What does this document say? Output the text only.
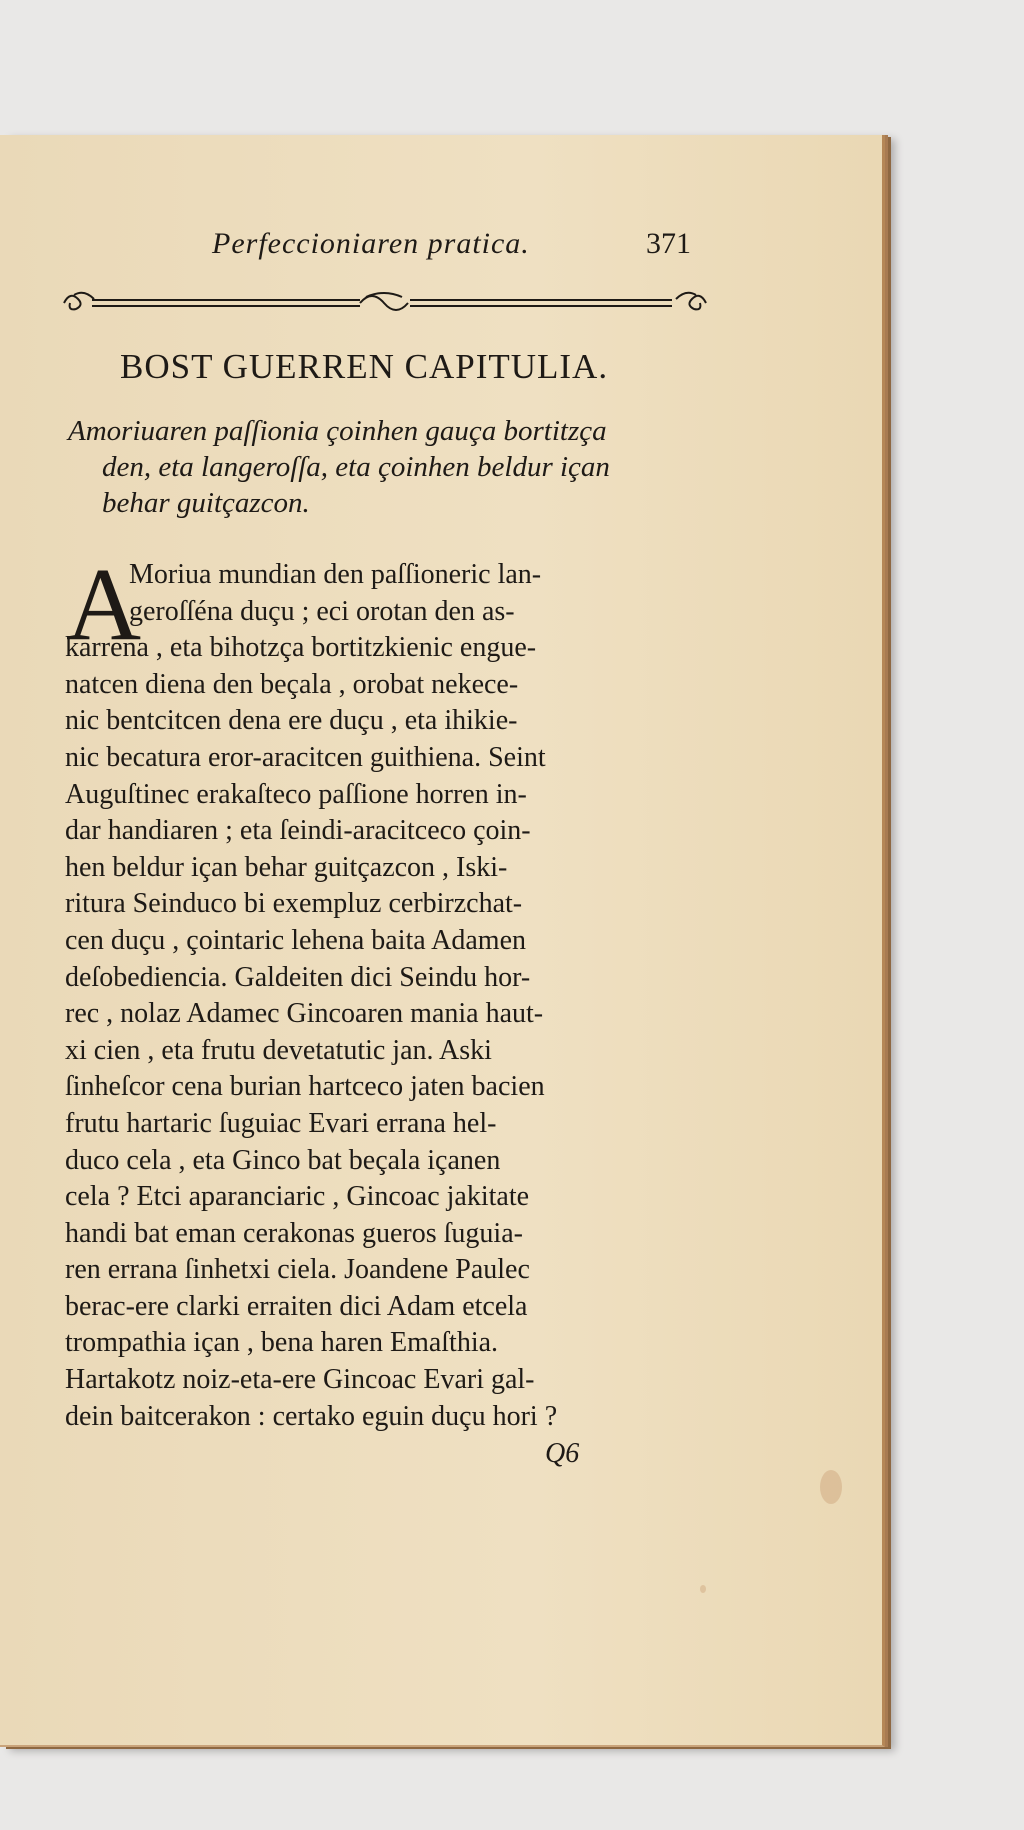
Perfeccioniaren pratica.	371
BOST GUERREN CAPITULIA.
Amoriuaren paſſionia çoinhen gauça bortitzça
den, eta langeroſſa, eta çoinhen beldur içan
behar guitçazcon.
A
Moriua mundian den paſſioneric lan-
geroſſéna duçu ; eci orotan den as-
karrena , eta bihotzça bortitzkienic engue-
natcen diena den beçala , orobat nekece-
nic bentcitcen dena ere duçu , eta ihikie-
nic becatura eror-aracitcen guithiena. Seint
Auguſtinec erakaſteco paſſione horren in-
dar handiaren ; eta ſeindi-aracitceco çoin-
hen beldur içan behar guitçazcon , Iski-
ritura Seinduco bi exempluz cerbirzchat-
cen duçu , çointaric lehena baita Adamen
deſobediencia. Galdeiten dici Seindu hor-
rec , nolaz Adamec Gincoaren mania haut-
xi cien , eta frutu devetatutic jan. Aski
ſinheſcor cena burian hartceco jaten bacien
frutu hartaric ſuguiac Evari errana hel-
duco cela , eta Ginco bat beçala içanen
cela ? Etci aparanciaric , Gincoac jakitate
handi bat eman cerakonas gueros ſuguia-
ren errana ſinhetxi ciela. Joandene Paulec
berac-ere clarki erraiten dici Adam etcela
trompathia içan , bena haren Emaſthia.
Hartakotz noiz-eta-ere Gincoac Evari gal-
dein baitcerakon : certako eguin duçu hori ?
Q6
